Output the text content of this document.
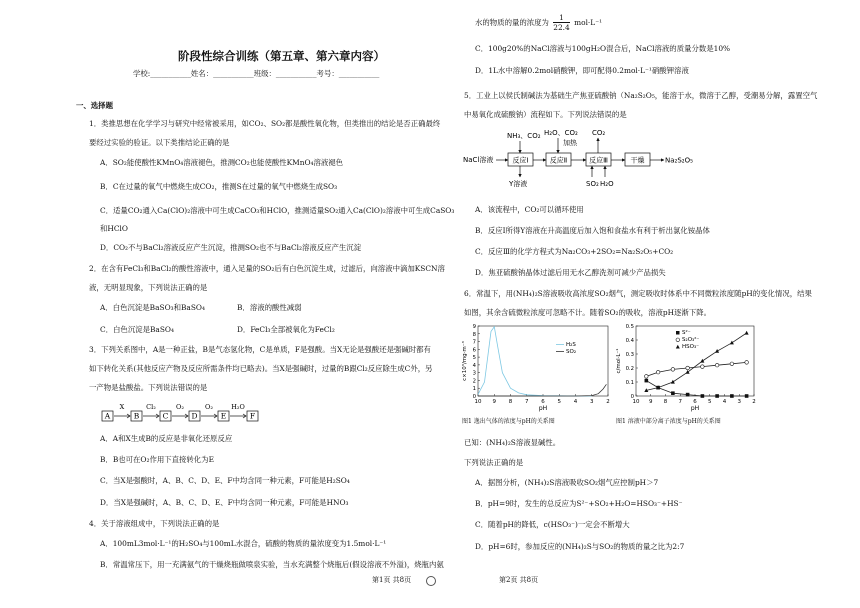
阶段性综合训练（第五章、第六章内容）
学校:___________姓名：___________班级：___________考号：___________
一、选择题
1．类推思想在化学学习与研究中经常被采用，如CO₂、SO₂都是酸性氧化物，但类推出的结论是否正确最终
要经过实验的验证。以下类推结论正确的是
A．SO₂能使酸性KMnO₄溶液褪色，推测CO₂也能使酸性KMnO₄溶液褪色
B．C在过量的氧气中燃烧生成CO₂，推测S在过量的氧气中燃烧生成SO₃
C．适量CO₂通入Ca(ClO)₂溶液中可生成CaCO₃和HClO，推测适量SO₂通入Ca(ClO)₂溶液中可生成CaSO₃
和HClO
D．CO₂不与BaCl₂溶液反应产生沉淀，推测SO₂也不与BaCl₂溶液反应产生沉淀
2．在含有FeCl₃和BaCl₂的酸性溶液中，通入足量的SO₂后有白色沉淀生成，过滤后，向溶液中滴加KSCN溶
液，无明显现象，下列说法正确的是
A．白色沉淀是BaSO₃和BaSO₄	B．溶液的酸性减弱
C．白色沉淀是BaSO₄	D．FeCl₃全部被氧化为FeCl₂
3．下列关系图中，A是一种正盐，B是气态氢化物，C是单质，F是强酸。当X无论是强酸还是强碱时都有
如下转化关系(其他反应产物及反应所需条件均已略去)。当X是强碱时，过量的B跟Cl₂反应除生成C外，另
一产物是盐酸盐。下列说法错误的是
A
X
B
Cl₂
C
O₂
D
O₂
E
H₂O
F
A．A和X生成B的反应是非氧化还原反应
B．B也可在O₂作用下直接转化为E
C．当X是强酸时，A、B、C、D、E、F中均含同一种元素，F可能是H₂SO₄
D．当X是强碱时，A、B、C、D、E、F中均含同一种元素，F可能是HNO₃
4．关于溶液组成中，下列说法正确的是
A．100mL3mol·L⁻¹的H₂SO₄与100mL水混合，硫酸的物质的量浓度变为1.5mol·L⁻¹
B．常温常压下，用一充满氨气的干燥烧瓶做喷泉实验，当水充满整个烧瓶后(假设溶液不外溢)，烧瓶内氨
第1页 共8页
水的物质的量的浓度为 $\frac{1}{22.4} mol\cdot L^{-1}$
C．100g20%的NaCl溶液与100gH₂O混合后，NaCl溶液的质量分数是10%
D．1L水中溶解0.2mol硝酸钾，即可配得0.2mol·L⁻¹硝酸钾溶液
5．工业上以侯氏制碱法为基础生产焦亚硫酸钠（Na₂S₂O₅，能溶于水，微溶于乙醇，受潮易分解，露置空气
中易氧化成硫酸钠）流程如下。下列说法错误的是
NaCl溶液	反应Ⅰ
NH₃、CO₂
Y溶液
反应Ⅱ
H₂O、CO₂
加热
反应Ⅲ
CO₂
SO₂ H₂O
干燥	Na₂S₂O₅
A．该流程中，CO₂可以循环使用
B．反应Ⅰ所得Y溶液在升高温度后加入饱和食盐水有利于析出氯化铵晶体
C．反应Ⅲ的化学方程式为Na₂CO₃+2SO₂=Na₂S₂O₅+CO₂
D．焦亚硫酸钠晶体过滤后用无水乙醇洗剂可减少产品损失
6．常温下，用(NH₄)₂S溶液吸收高浓度SO₂烟气，测定吸收时体系中不同微粒浓度随pH的变化情况，结果
如图，其余含硫微粒浓度可忽略不计。随着SO₂的吸收，溶液pH逐渐下降。
10 9 8 7 6 5 4 3 2
0
1
2
3
4
5
6
7
8
9
pH
c×10³/mg·m⁻³	H₂S
SO₂
图1 逸出气体的浓度与pH的关系图
10 9 8 7 6 5 4 3 2
0
0.1
0.2
0.3
0.4
0.5
pH
c/mol·L⁻¹
S²⁻
S₂O₃²⁻
HSO₃⁻
图1 溶液中部分离子浓度与pH的关系图
已知：(NH₄)₂S溶液显碱性。
下列说法正确的是
A．据图分析，(NH₄)₂S溶液吸收SO₂烟气应控制pH＞7
B．pH=9时，发生的总反应为S²⁻+SO₂+H₂O=HSO₃⁻+HS⁻
C．随着pH的降低，c(HSO₃⁻)一定会不断增大
D．pH=6时，参加反应的(NH₄)₂S与SO₂的物质的量之比为2:7
第2页 共8页
